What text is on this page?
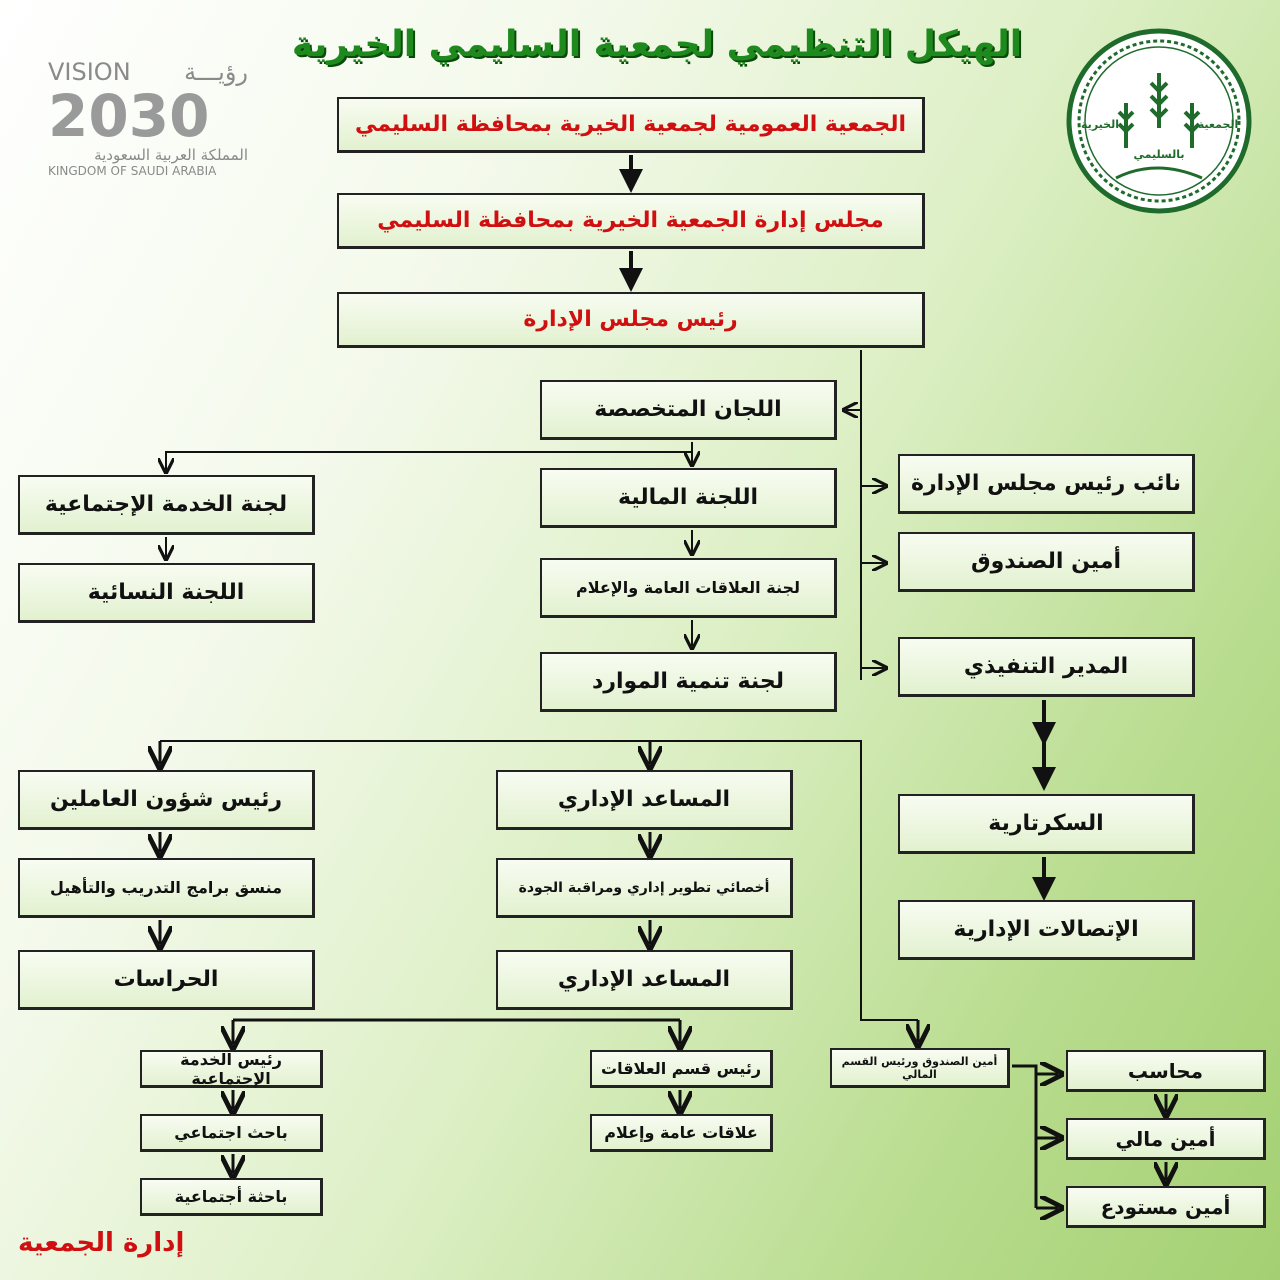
الهيكل التنظيمي لجمعية السليمي الخيرية
VISION رؤيـــة
2030
المملكة العربية السعودية
KINGDOM OF SAUDI ARABIA
الجمعية
الخيرية
بالسليمي
الجمعية العمومية لجمعية الخيرية بمحافظة السليمي
مجلس إدارة الجمعية الخيرية بمحافظة السليمي
رئيس مجلس الإدارة
اللجان المتخصصة
اللجنة المالية
لجنة العلاقات العامة والإعلام
لجنة تنمية الموارد
لجنة الخدمة الإجتماعية
اللجنة النسائية
نائب رئيس مجلس الإدارة
أمين الصندوق
المدير التنفيذي
السكرتارية
الإتصالات الإدارية
رئيس شؤون العاملين
منسق برامج التدريب والتأهيل
الحراسات
المساعد الإداري
أخصائي تطوير إداري ومراقبة الجودة
المساعد الإداري
رئيس الخدمة الإجتماعية
باحث اجتماعي
باحثة أجتماعية
رئيس قسم العلاقات
علاقات عامة وإعلام
أمين الصندوق ورئيس القسم المالي	محاسب
أمين مالي
أمين مستودع
إدارة الجمعية
